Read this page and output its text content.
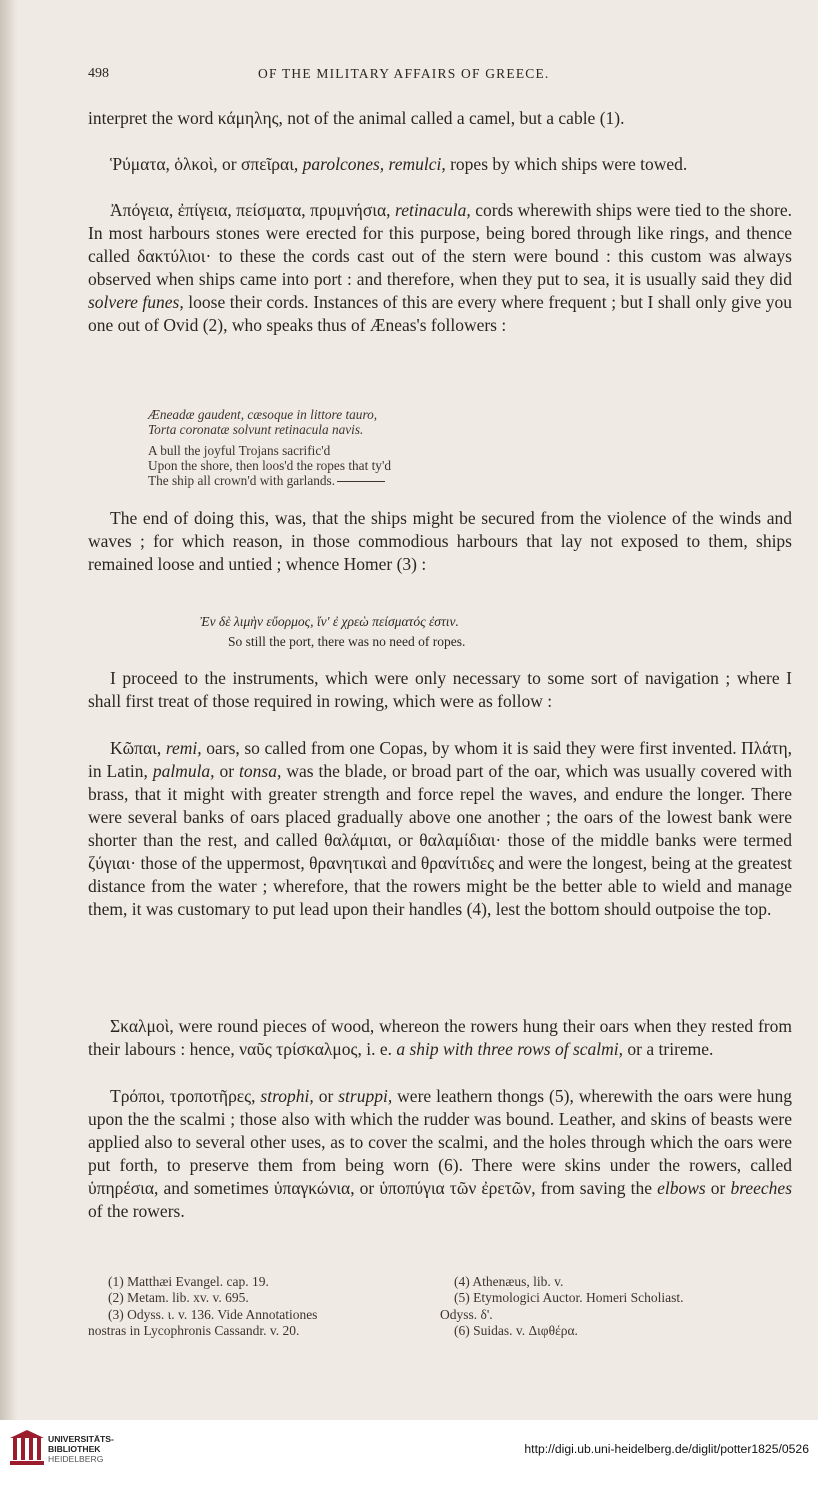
498	OF THE MILITARY AFFAIRS OF GREECE.
interpret the word κάμηλης, not of the animal called a camel, but a cable (1).
Ῥύματα, ὁλκοὶ, or σπεῖραι, parolcones, remulci, ropes by which ships were towed.
Ἀπόγεια, ἐπίγεια, πείσματα, πρυμνήσια, retinacula, cords wherewith ships were tied to the shore. In most harbours stones were erected for this purpose, being bored through like rings, and thence called δακτύλιοι· to these the cords cast out of the stern were bound : this custom was always observed when ships came into port : and therefore, when they put to sea, it is usually said they did solvere funes, loose their cords. Instances of this are every where frequent ; but I shall only give you one out of Ovid (2), who speaks thus of Æneas's followers :
The end of doing this, was, that the ships might be secured from the violence of the winds and waves ; for which reason, in those commodious harbours that lay not exposed to them, ships remained loose and untied ; whence Homer (3) :
I proceed to the instruments, which were only necessary to some sort of navigation ; where I shall first treat of those required in rowing, which were as follow :
Κῶπαι, remi, oars, so called from one Copas, by whom it is said they were first invented. Πλάτη, in Latin, palmula, or tonsa, was the blade, or broad part of the oar, which was usually covered with brass, that it might with greater strength and force repel the waves, and endure the longer. There were several banks of oars placed gradually above one another ; the oars of the lowest bank were shorter than the rest, and called θαλάμιαι, or θαλαμίδιαι· those of the middle banks were termed ζύγιαι· those of the uppermost, θρανητικαὶ and θρανίτιδες and were the longest, being at the greatest distance from the water ; wherefore, that the rowers might be the better able to wield and manage them, it was customary to put lead upon their handles (4), lest the bottom should outpoise the top.
Σκαλμοὶ, were round pieces of wood, whereon the rowers hung their oars when they rested from their labours : hence, ναῦς τρίσκαλμος, i. e. a ship with three rows of scalmi, or a trireme.
Τρόποι, τροποτῆρες, strophi, or struppi, were leathern thongs (5), wherewith the oars were hung upon the the scalmi ; those also with which the rudder was bound. Leather, and skins of beasts were applied also to several other uses, as to cover the scalmi, and the holes through which the oars were put forth, to preserve them from being worn (6). There were skins under the rowers, called ὑπηρέσια, and sometimes ὑπαγκώνια, or ὑποπύγια τῶν ἐρετῶν, from saving the elbows or breeches of the rowers.
Æneadæ gaudent, cæsoque in littore tauro,
Torta coronatæ solvunt retinacula navis.
A bull the joyful Trojans sacrific'd
Upon the shore, then loos'd the ropes that ty'd
The ship all crown'd with garlands.
Ἐν δὲ λιμὴν εὔορμος, ἵν' ἐ χρεὼ πείσματός ἐστιν.
So still the port, there was no need of ropes.
(1) Matthæi Evangel. cap. 19.
(2) Metam. lib. xv. v. 695.
(3) Odyss. ι. v. 136. Vide Annotationes
nostras in Lycophronis Cassandr. v. 20.
(4) Athenæus, lib. v.
(5) Etymologici Auctor. Homeri Scholiast.
Odyss. δ'.
(6) Suidas. v. Διφθέρα.
UNIVERSITÄTS-
BIBLIOTHEK
HEIDELBERG
http://digi.ub.uni-heidelberg.de/diglit/potter1825/0526
